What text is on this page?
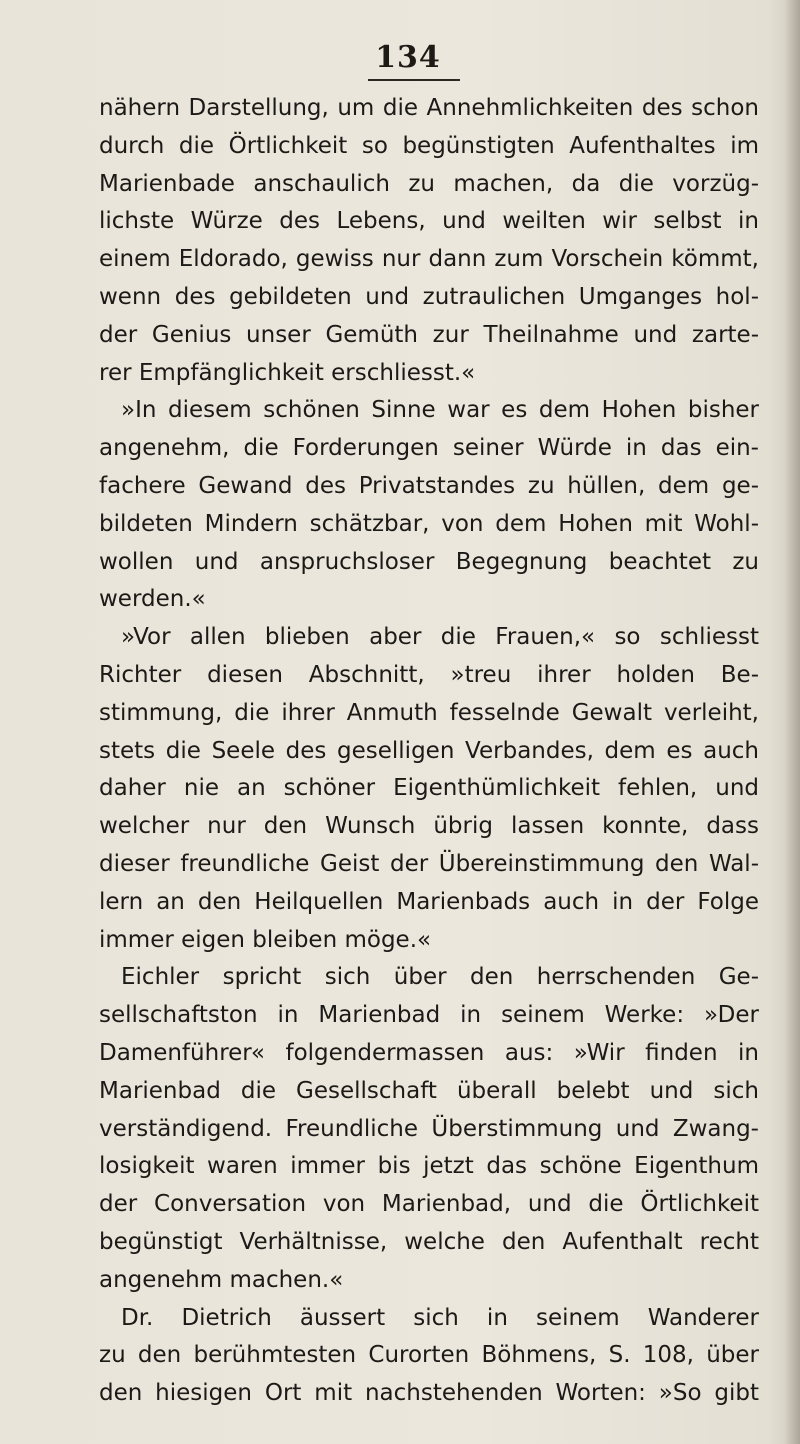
134
nähern Darstellung, um die Annehmlichkeiten des schon
durch die Örtlichkeit so begünstigten Aufenthaltes im
Marienbade anschaulich zu machen, da die vorzüg-
lichste Würze des Lebens, und weilten wir selbst in
einem Eldorado, gewiss nur dann zum Vorschein kömmt,
wenn des gebildeten und zutraulichen Umganges hol-
der Genius unser Gemüth zur Theilnahme und zarte-
rer Empfänglichkeit erschliesst.«
»In diesem schönen Sinne war es dem Hohen bisher
angenehm, die Forderungen seiner Würde in das ein-
fachere Gewand des Privatstandes zu hüllen, dem ge-
bildeten Mindern schätzbar, von dem Hohen mit Wohl-
wollen und anspruchsloser Begegnung beachtet zu
werden.«
»Vor allen blieben aber die Frauen,« so schliesst
Richter diesen Abschnitt, »treu ihrer holden Be-
stimmung, die ihrer Anmuth fesselnde Gewalt verleiht,
stets die Seele des geselligen Verbandes, dem es auch
daher nie an schöner Eigenthümlichkeit fehlen, und
welcher nur den Wunsch übrig lassen konnte, dass
dieser freundliche Geist der Übereinstimmung den Wal-
lern an den Heilquellen Marienbads auch in der Folge
immer eigen bleiben möge.«
Eichler spricht sich über den herrschenden Ge-
sellschaftston in Marienbad in seinem Werke: »Der
Damenführer« folgendermassen aus: »Wir finden in
Marienbad die Gesellschaft überall belebt und sich
verständigend. Freundliche Überstimmung und Zwang-
losigkeit waren immer bis jetzt das schöne Eigenthum
der Conversation von Marienbad, und die Örtlichkeit
begünstigt Verhältnisse, welche den Aufenthalt recht
angenehm machen.«
Dr. Dietrich äussert sich in seinem Wanderer
zu den berühmtesten Curorten Böhmens, S. 108, über
den hiesigen Ort mit nachstehenden Worten: »So gibt
